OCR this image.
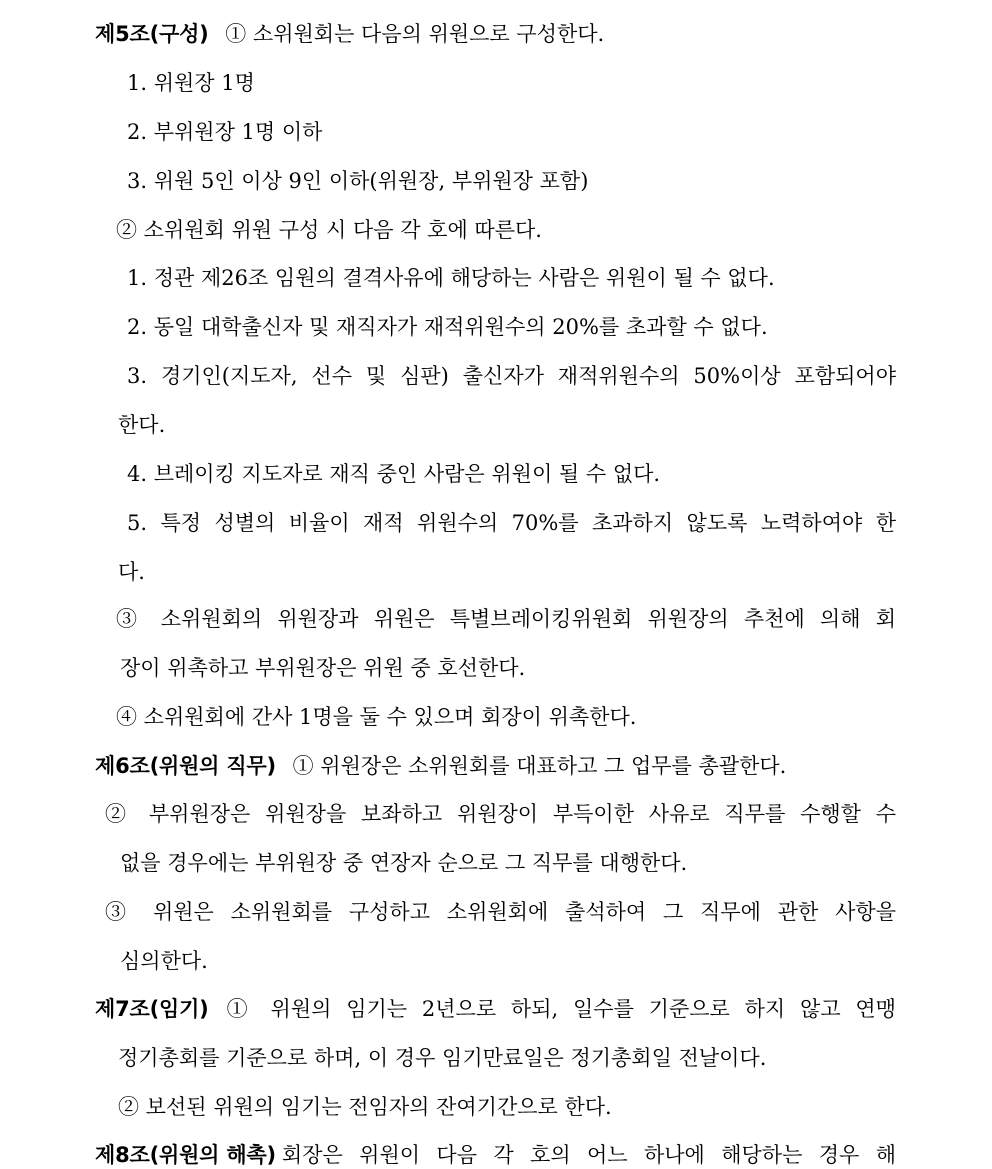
제5조(구성) ① 소위원회는 다음의 위원으로 구성한다.
1. 위원장 1명
2. 부위원장 1명 이하
3. 위원 5인 이상 9인 이하(위원장, 부위원장 포함)
② 소위원회 위원 구성 시 다음 각 호에 따른다.
1. 정관 제26조 임원의 결격사유에 해당하는 사람은 위원이 될 수 없다.
2. 동일 대학출신자 및 재직자가 재적위원수의 20%를 초과할 수 없다.
3. 경기인(지도자, 선수 및 심판) 출신자가 재적위원수의 50%이상 포함되어야
한다.
4. 브레이킹 지도자로 재직 중인 사람은 위원이 될 수 없다.
5. 특정 성별의 비율이 재적 위원수의 70%를 초과하지 않도록 노력하여야 한
다.
③ 소위원회의 위원장과 위원은 특별브레이킹위원회 위원장의 추천에 의해 회
장이 위촉하고 부위원장은 위원 중 호선한다.
④ 소위원회에 간사 1명을 둘 수 있으며 회장이 위촉한다.
제6조(위원의 직무) ① 위원장은 소위원회를 대표하고 그 업무를 총괄한다.
② 부위원장은 위원장을 보좌하고 위원장이 부득이한 사유로 직무를 수행할 수
없을 경우에는 부위원장 중 연장자 순으로 그 직무를 대행한다.
③ 위원은 소위원회를 구성하고 소위원회에 출석하여 그 직무에 관한 사항을
심의한다.
제7조(임기) ① 위원의 임기는 2년으로 하되, 일수를 기준으로 하지 않고 연맹
정기총회를 기준으로 하며, 이 경우 임기만료일은 정기총회일 전날이다.
② 보선된 위원의 임기는 전임자의 잔여기간으로 한다.
제8조(위원의 해촉) 회장은 위원이 다음 각 호의 어느 하나에 해당하는 경우 해
